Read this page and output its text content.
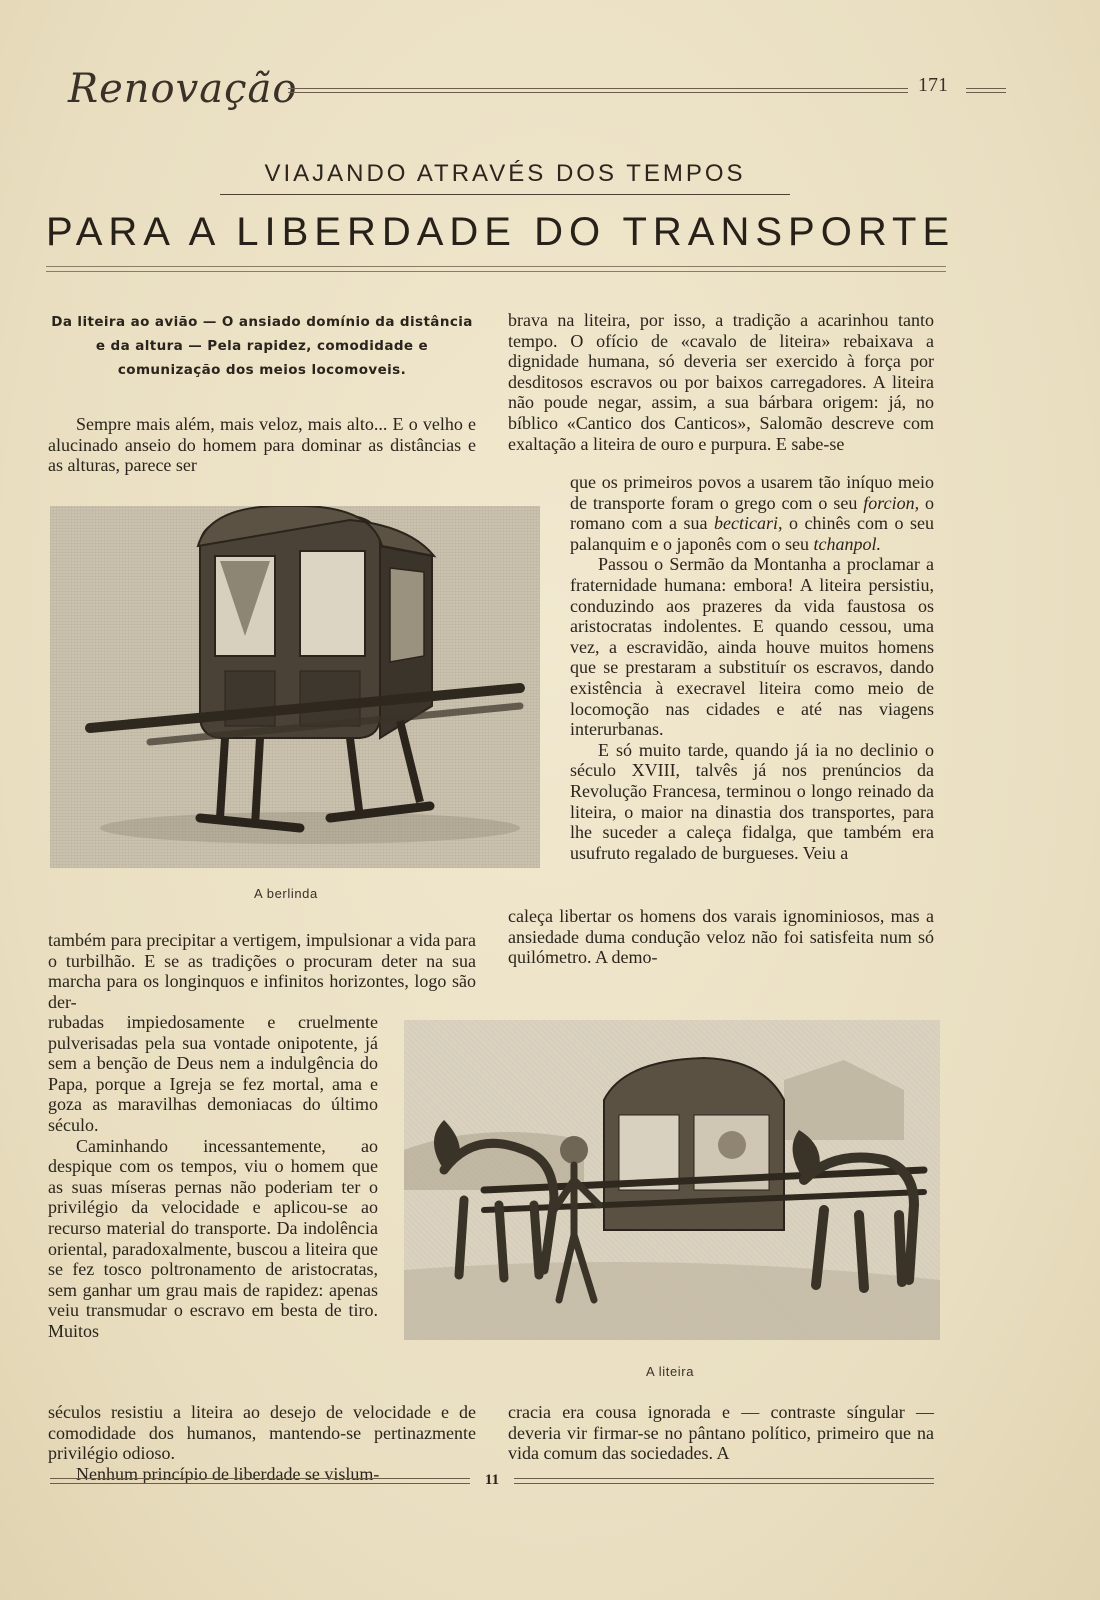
Renovação	171
VIAJANDO ATRAVÉS DOS TEMPOS
PARA A LIBERDADE DO TRANSPORTE
Da liteira ao avião — O ansiado domínio da distância e da altura — Pela rapidez, comodidade e comunização dos meios locomoveis.

Sempre mais além, mais veloz, mais alto... E o velho e alucinado anseio do homem para dominar as distâncias e as alturas, parece ser

A berlinda

também para precipitar a vertigem, impulsionar a vida para o turbilhão. E se as tradições o procuram deter na sua marcha para os longinquos e infinitos horizontes, logo são der-

rubadas impiedosamente e cruelmente pulverisadas pela sua vontade onipotente, já sem a benção de Deus nem a indulgência do Papa, porque a Igreja se fez mortal, ama e goza as maravilhas demoniacas do último século.

Caminhando incessantemente, ao despique com os tempos, viu o homem que as suas míseras pernas não poderiam ter o privilégio da velocidade e aplicou-se ao recurso material do transporte. Da indolência oriental, paradoxalmente, buscou a liteira que se fez tosco poltronamento de aristocratas, sem ganhar um grau mais de rapidez: apenas veiu transmudar o escravo em besta de tiro. Muitos

séculos resistiu a liteira ao desejo de velocidade e de comodidade dos humanos, mantendo-se pertinazmente privilégio odioso.

Nenhum princípio de liberdade se vislum-

brava na liteira, por isso, a tradição a acarinhou tanto tempo. O ofício de «cavalo de liteira» rebaixava a dignidade humana, só deveria ser exercido à força por desditosos escravos ou por baixos carregadores. A liteira não poude negar, assim, a sua bárbara origem: já, no bíblico «Cantico dos Canticos», Salomão descreve com exaltação a liteira de ouro e purpura. E sabe-se

que os primeiros povos a usarem tão iníquo meio de transporte foram o grego com o seu forcion, o romano com a sua becticari, o chinês com o seu palanquim e o japonês com o seu tchanpol.

Passou o Sermão da Montanha a proclamar a fraternidade humana: embora! A liteira persistiu, conduzindo aos prazeres da vida faustosa os aristocratas indolentes. E quando cessou, uma vez, a escravidão, ainda houve muitos homens que se prestaram a substituír os escravos, dando existência à execravel liteira como meio de locomoção nas cidades e até nas viagens interurbanas.

E só muito tarde, quando já ia no declinio o século XVIII, talvês já nos prenúncios da Revolução Francesa, terminou o longo reinado da liteira, o maior na dinastia dos transportes, para lhe suceder a caleça fidalga, que também era usufruto regalado de burgueses. Veiu a

caleça libertar os homens dos varais ignominiosos, mas a ansiedade duma condução veloz não foi satisfeita num só quilómetro. A demo-

A liteira

cracia era cousa ignorada e — contraste síngular — deveria vir firmar-se no pântano político, primeiro que na vida comum das sociedades. A

11
